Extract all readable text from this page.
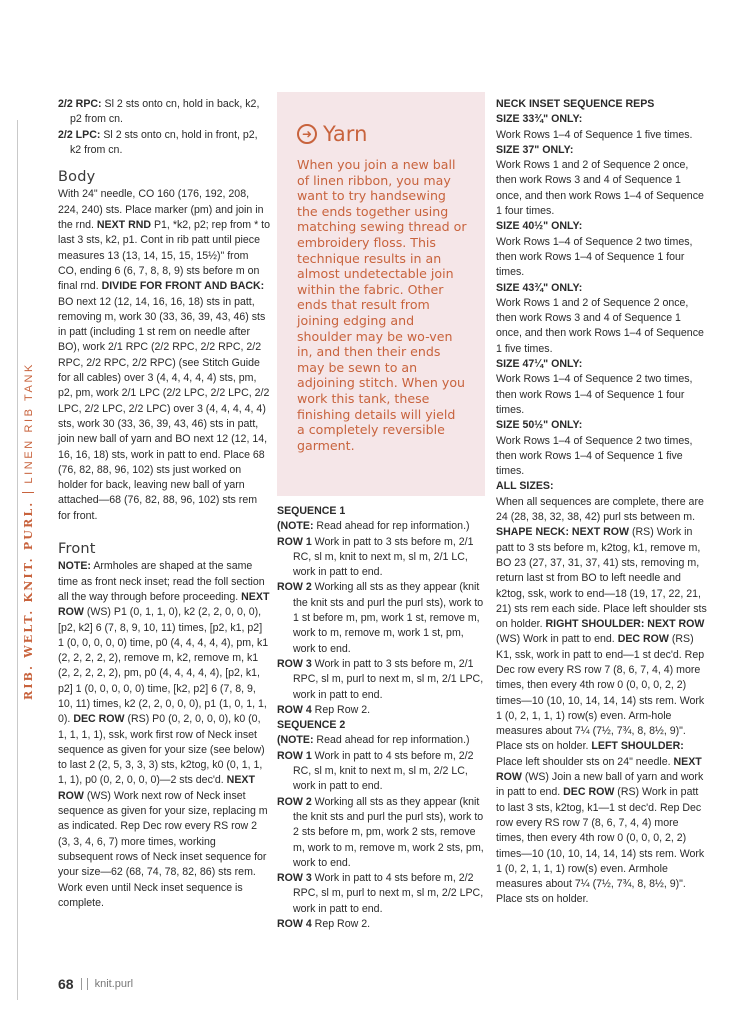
RIB. WELT. KNIT. PURL.LINEN RIB TANK

2/2 RPC: Sl 2 sts onto cn, hold in back, k2, p2 from cn.

2/2 LPC: Sl 2 sts onto cn, hold in front, p2, k2 from cn.

Body

With 24" needle, CO 160 (176, 192, 208, 224, 240) sts. Place marker (pm) and join in the rnd. NEXT RND P1, *k2, p2; rep from * to last 3 sts, k2, p1. Cont in rib patt until piece measures 13 (13, 14, 15, 15, 15½)" from CO, ending 6 (6, 7, 8, 8, 9) sts before m on final rnd. DIVIDE FOR FRONT AND BACK: BO next 12 (12, 14, 16, 16, 18) sts in patt, removing m, work 30 (33, 36, 39, 43, 46) sts in patt (including 1 st rem on needle after BO), work 2/1 RPC (2/2 RPC, 2/2 RPC, 2/2 RPC, 2/2 RPC, 2/2 RPC) (see Stitch Guide for all cables) over 3 (4, 4, 4, 4, 4) sts, pm, p2, pm, work 2/1 LPC (2/2 LPC, 2/2 LPC, 2/2 LPC, 2/2 LPC, 2/2 LPC) over 3 (4, 4, 4, 4, 4) sts, work 30 (33, 36, 39, 43, 46) sts in patt, join new ball of yarn and BO next 12 (12, 14, 16, 16, 18) sts, work in patt to end. Place 68 (76, 82, 88, 96, 102) sts just worked on holder for back, leaving new ball of yarn attached—68 (76, 82, 88, 96, 102) sts rem for front.

Front

NOTE: Armholes are shaped at the same time as front neck inset; read the foll section all the way through before proceeding. NEXT ROW (WS) P1 (0, 1, 1, 0), k2 (2, 2, 0, 0, 0), [p2, k2] 6 (7, 8, 9, 10, 11) times, [p2, k1, p2] 1 (0, 0, 0, 0, 0) time, p0 (4, 4, 4, 4, 4), pm, k1 (2, 2, 2, 2, 2), remove m, k2, remove m, k1 (2, 2, 2, 2, 2), pm, p0 (4, 4, 4, 4, 4), [p2, k1, p2] 1 (0, 0, 0, 0, 0) time, [k2, p2] 6 (7, 8, 9, 10, 11) times, k2 (2, 2, 0, 0, 0), p1 (1, 0, 1, 1, 0). DEC ROW (RS) P0 (0, 2, 0, 0, 0), k0 (0, 1, 1, 1, 1), ssk, work first row of Neck inset sequence as given for your size (see below) to last 2 (2, 5, 3, 3, 3) sts, k2tog, k0 (0, 1, 1, 1, 1), p0 (0, 2, 0, 0, 0)—2 sts dec'd. NEXT ROW (WS) Work next row of Neck inset sequence as given for your size, replacing m as indicated. Rep Dec row every RS row 2 (3, 3, 4, 6, 7) more times, working subsequent rows of Neck inset sequence for your size—62 (68, 74, 78, 82, 86) sts rem. Work even until Neck inset sequence is complete.

➜ Yarn

When you join a new ball of linen ribbon, you may want to try handsewing the ends together using matching sewing thread or embroidery floss. This technique results in an almost undetectable join within the fabric. Other ends that result from joining edging and shoulder may be wo-ven in, and then their ends may be sewn to an adjoining stitch. When you work this tank, these finishing details will yield a completely reversible garment.

SEQUENCE 1

(NOTE: Read ahead for rep information.)

ROW 1 Work in patt to 3 sts before m, 2/1 RC, sl m, knit to next m, sl m, 2/1 LC, work in patt to end.

ROW 2 Working all sts as they appear (knit the knit sts and purl the purl sts), work to 1 st before m, pm, work 1 st, remove m, work to m, remove m, work 1 st, pm, work to end.

ROW 3 Work in patt to 3 sts before m, 2/1 RPC, sl m, purl to next m, sl m, 2/1 LPC, work in patt to end.

ROW 4 Rep Row 2.

SEQUENCE 2

(NOTE: Read ahead for rep information.)

ROW 1 Work in patt to 4 sts before m, 2/2 RC, sl m, knit to next m, sl m, 2/2 LC, work in patt to end.

ROW 2 Working all sts as they appear (knit the knit sts and purl the purl sts), work to 2 sts before m, pm, work 2 sts, remove m, work to m, remove m, work 2 sts, pm, work to end.

ROW 3 Work in patt to 4 sts before m, 2/2 RPC, sl m, purl to next m, sl m, 2/2 LPC, work in patt to end.

ROW 4 Rep Row 2.

NECK INSET SEQUENCE REPS

SIZE 33¾" ONLY:

Work Rows 1–4 of Sequence 1 five times.

SIZE 37" ONLY:

Work Rows 1 and 2 of Sequence 2 once, then work Rows 3 and 4 of Sequence 1 once, and then work Rows 1–4 of Sequence 1 four times.

SIZE 40½" ONLY:

Work Rows 1–4 of Sequence 2 two times, then work Rows 1–4 of Sequence 1 four times.

SIZE 43¾" ONLY:

Work Rows 1 and 2 of Sequence 2 once, then work Rows 3 and 4 of Sequence 1 once, and then work Rows 1–4 of Sequence 1 five times.

SIZE 47¼" ONLY:

Work Rows 1–4 of Sequence 2 two times, then work Rows 1–4 of Sequence 1 four times.

SIZE 50½" ONLY:

Work Rows 1–4 of Sequence 2 two times, then work Rows 1–4 of Sequence 1 five times.

ALL SIZES:

When all sequences are complete, there are 24 (28, 38, 32, 38, 42) purl sts between m. SHAPE NECK: NEXT ROW (RS) Work in patt to 3 sts before m, k2tog, k1, remove m, BO 23 (27, 37, 31, 37, 41) sts, removing m, return last st from BO to left needle and k2tog, ssk, work to end—18 (19, 17, 22, 21, 21) sts rem each side. Place left shoulder sts on holder. RIGHT SHOULDER: NEXT ROW (WS) Work in patt to end. DEC ROW (RS) K1, ssk, work in patt to end—1 st dec'd. Rep Dec row every RS row 7 (8, 6, 7, 4, 4) more times, then every 4th row 0 (0, 0, 0, 2, 2) times—10 (10, 10, 14, 14, 14) sts rem. Work 1 (0, 2, 1, 1, 1) row(s) even. Arm-hole measures about 7¼ (7½, 7¾, 8, 8½, 9)". Place sts on holder. LEFT SHOULDER: Place left shoulder sts on 24" needle. NEXT ROW (WS) Join a new ball of yarn and work in patt to end. DEC ROW (RS) Work in patt to last 3 sts, k2tog, k1—1 st dec'd. Rep Dec row every RS row 7 (8, 6, 7, 4, 4) more times, then every 4th row 0 (0, 0, 0, 2, 2) times—10 (10, 10, 14, 14, 14) sts rem. Work 1 (0, 2, 1, 1, 1) row(s) even. Armhole measures about 7¼ (7½, 7¾, 8, 8½, 9)". Place sts on holder.

68 knit.purl
